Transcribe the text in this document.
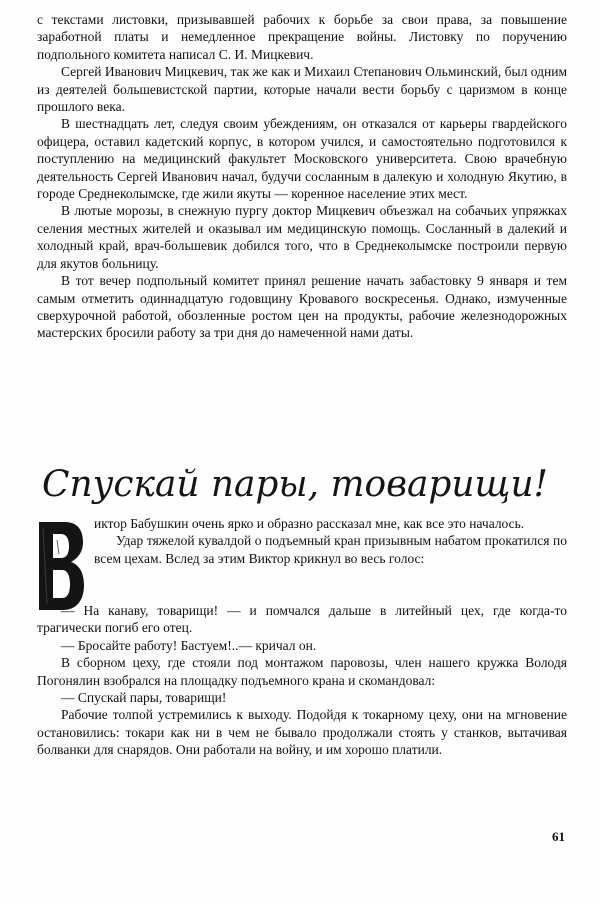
с текстами листовки, призывавшей рабочих к борьбе за свои права, за повышение заработной платы и немедленное прекращение войны. Листовку по поручению подпольного комитета написал С. И. Мицкевич.

Сергей Иванович Мицкевич, так же как и Михаил Степанович Ольминский, был одним из деятелей большевистской партии, которые начали вести борьбу с царизмом в конце прошлого века.

В шестнадцать лет, следуя своим убеждениям, он отказался от карьеры гвардейского офицера, оставил кадетский корпус, в котором учился, и самостоятельно подготовился к поступлению на медицинский факультет Московского университета. Свою врачебную деятельность Сергей Иванович начал, будучи сосланным в далекую и холодную Якутию, в городе Среднеколымске, где жили якуты — коренное население этих мест.

В лютые морозы, в снежную пургу доктор Мицкевич объезжал на собачьих упряжках селения местных жителей и оказывал им медицинскую помощь. Сосланный в далекий и холодный край, врач-большевик добился того, что в Среднеколымске построили первую для якутов больницу.

В тот вечер подпольный комитет принял решение начать забастовку 9 января и тем самым отметить одиннадцатую годовщину Кровавого воскресенья. Однако, измученные сверхурочной работой, обозленные ростом цен на продукты, рабочие железнодорожных мастерских бросили работу за три дня до намеченной нами даты.

Спускай пары, товарищи!

иктор Бабушкин очень ярко и образно рассказал мне, как все это началось.

Удар тяжелой кувалдой о подъемный кран призывным набатом прокатился по всем цехам. Вслед за этим Виктор крикнул во весь голос:

— На канаву, товарищи! — и помчался дальше в литейный цех, где когда-то трагически погиб его отец.

— Бросайте работу! Бастуем!..— кричал он.

В сборном цеху, где стояли под монтажом паровозы, член нашего кружка Володя Погонялин взобрался на площадку подъемного крана и скомандовал:

— Спускай пары, товарищи!

Рабочие толпой устремились к выходу. Подойдя к токарному цеху, они на мгновение остановились: токари как ни в чем не бывало продолжали стоять у станков, вытачивая болванки для снарядов. Они работали на войну, и им хорошо платили.

61
